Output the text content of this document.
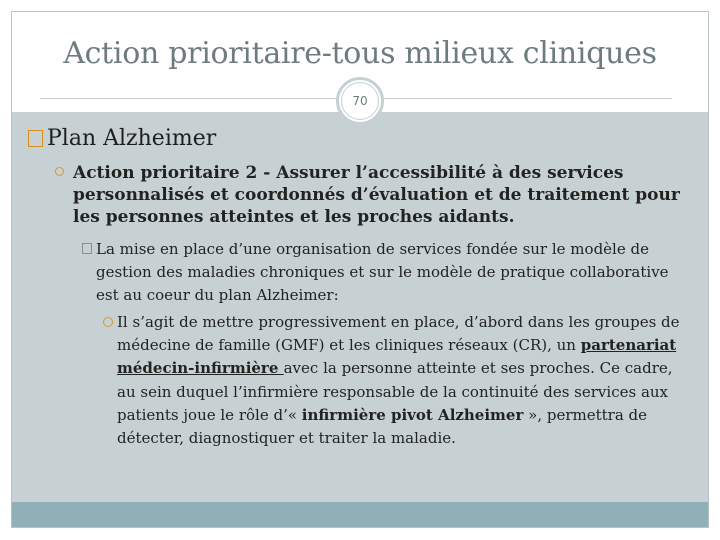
Action prioritaire-tous milieux cliniques
70
Plan Alzheimer
Action prioritaire 2 - Assurer l’accessibilité à des services personnalisés et coordonnés d’évaluation et de traitement pour les personnes atteintes et les proches aidants.
La mise en place d’une organisation de services fondée sur le modèle de gestion des maladies chroniques et sur le modèle de pratique collaborative est au coeur du plan Alzheimer:
Il s’agit de mettre progressivement en place, d’abord dans les groupes de médecine de famille (GMF) et les cliniques réseaux (CR), un partenariat médecin-infirmière avec la personne atteinte et ses proches. Ce cadre, au sein duquel l’infirmière responsable de la continuité des services aux patients joue le rôle d’« infirmière pivot Alzheimer », permettra de détecter, diagnostiquer et traiter la maladie.
